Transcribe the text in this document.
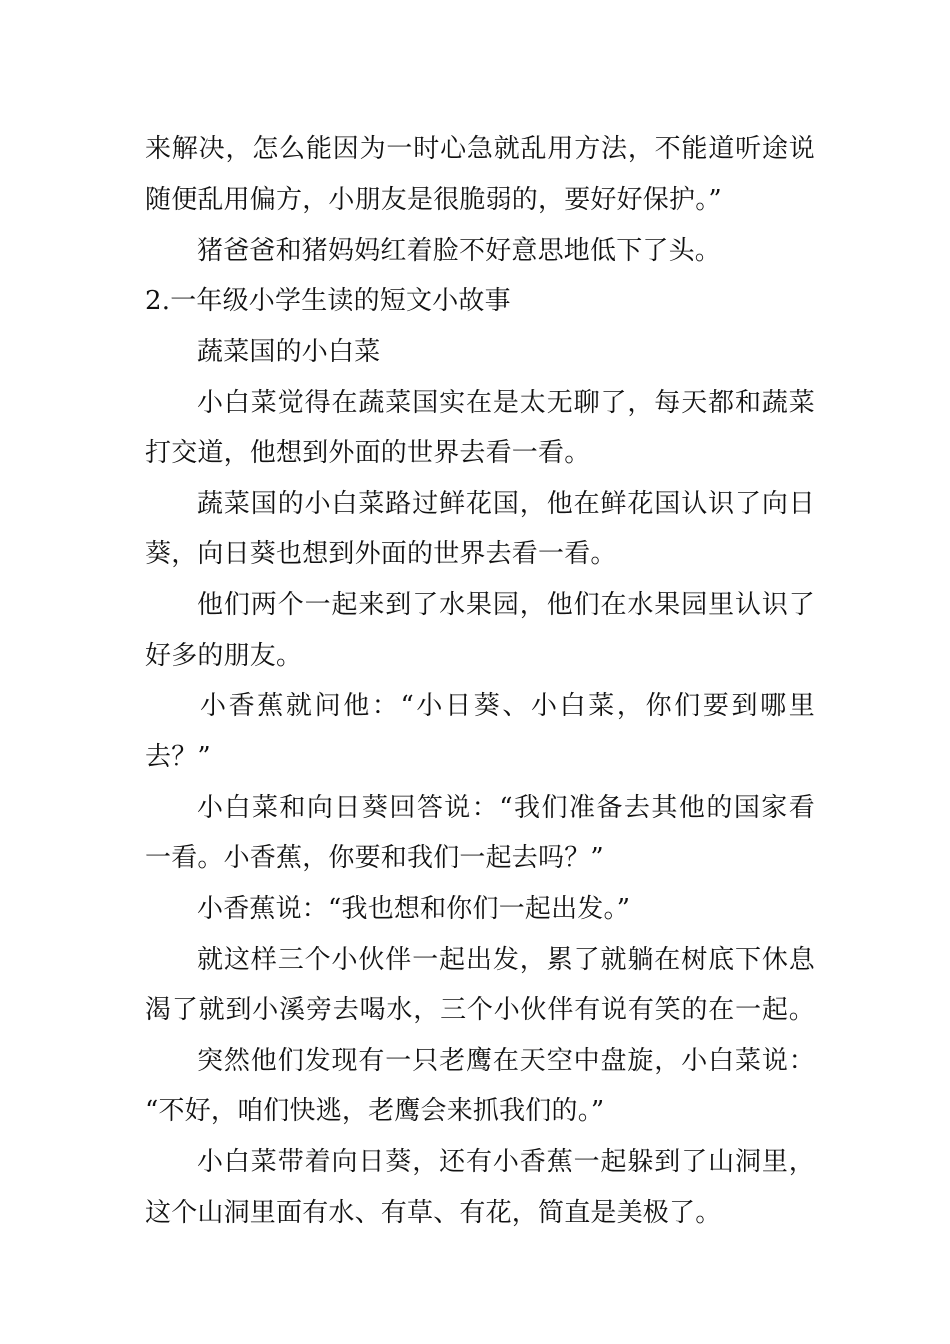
来解决，怎么能因为一时心急就乱用方法，不能道听途说
随便乱用偏方，小朋友是很脆弱的，要好好保护。”
猪爸爸和猪妈妈红着脸不好意思地低下了头。
2.一年级小学生读的短文小故事
蔬菜国的小白菜
小白菜觉得在蔬菜国实在是太无聊了，每天都和蔬菜
打交道，他想到外面的世界去看一看。
蔬菜国的小白菜路过鲜花国，他在鲜花国认识了向日
葵，向日葵也想到外面的世界去看一看。
他们两个一起来到了水果园，他们在水果园里认识了
好多的朋友。
小香蕉就问他：“小日葵、小白菜，你们要到哪里
去？”
小白菜和向日葵回答说：“我们准备去其他的国家看
一看。小香蕉，你要和我们一起去吗？”
小香蕉说：“我也想和你们一起出发。”
就这样三个小伙伴一起出发，累了就躺在树底下休息
渴了就到小溪旁去喝水，三个小伙伴有说有笑的在一起。
突然他们发现有一只老鹰在天空中盘旋，小白菜说：
“不好，咱们快逃，老鹰会来抓我们的。”
小白菜带着向日葵，还有小香蕉一起躲到了山洞里，
这个山洞里面有水、有草、有花，简直是美极了。
